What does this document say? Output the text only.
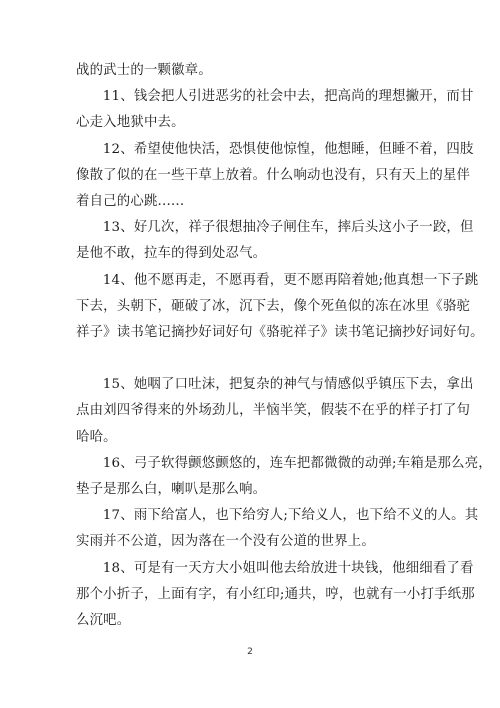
战的武士的一颗徽章。

11、钱会把人引进恶劣的社会中去，把高尚的理想撇开，而甘
心走入地狱中去。

12、希望使他快活，恐惧使他惊惶，他想睡，但睡不着，四肢
像散了似的在一些干草上放着。什么响动也没有，只有天上的星伴
着自己的心跳......

13、好几次，祥子很想抽冷子闸住车，摔后头这小子一跤，但
是他不敢，拉车的得到处忍气。

14、他不愿再走，不愿再看，更不愿再陪着她;他真想一下子跳
下去，头朝下，砸破了冰，沉下去，像个死鱼似的冻在冰里《骆驼
祥子》读书笔记摘抄好词好句《骆驼祥子》读书笔记摘抄好词好句。

15、她咽了口吐沫，把复杂的神气与情感似乎镇压下去，拿出
点由刘四爷得来的外场劲儿，半恼半笑，假装不在乎的样子打了句
哈哈。

16、弓子软得颤悠颤悠的，连车把都微微的动弹;车箱是那么亮，
垫子是那么白，喇叭是那么响。

17、雨下给富人，也下给穷人;下给义人，也下给不义的人。其
实雨并不公道，因为落在一个没有公道的世界上。

18、可是有一天方大小姐叫他去给放进十块钱，他细细看了看
那个小折子，上面有字，有小红印;通共，哼，也就有一小打手纸那
么沉吧。

2
